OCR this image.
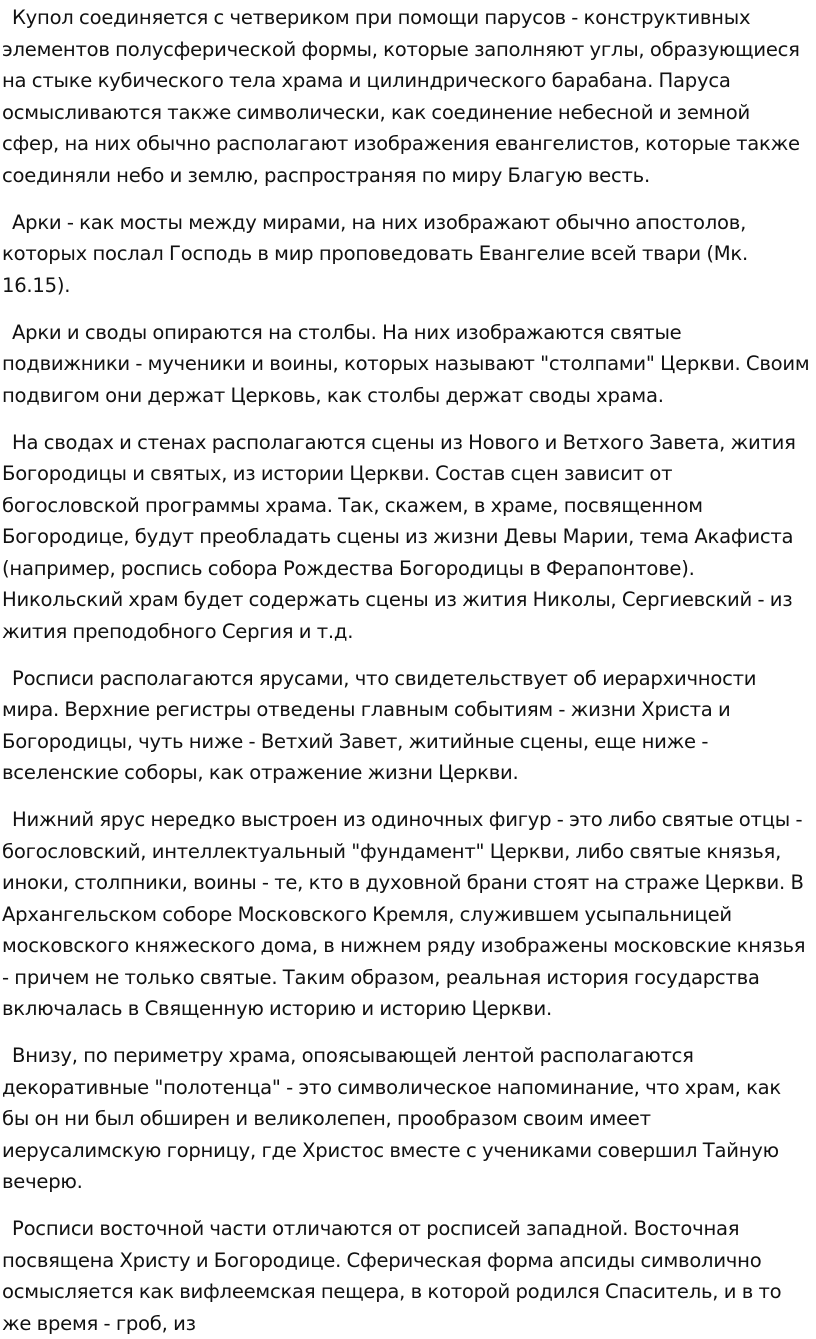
Купол соединяется с четвериком при помощи парусов - конструктивных элементов полусферической формы, которые заполняют углы, образующиеся на стыке кубического тела храма и цилиндрического барабана. Паруса осмысливаются также символически, как соединение небесной и земной сфер, на них обычно располагают изображения евангелистов, которые также соединяли небо и землю, распространяя по миру Благую весть.

Арки - как мосты между мирами, на них изображают обычно апостолов, которых послал Господь в мир проповедовать Евангелие всей твари (Мк. 16.15).

Арки и своды опираются на столбы. На них изображаются святые подвижники - мученики и воины, которых называют "столпами" Церкви. Своим подвигом они держат Церковь, как столбы держат своды храма.

На сводах и стенах располагаются сцены из Нового и Ветхого Завета, жития Богородицы и святых, из истории Церкви. Состав сцен зависит от богословской программы храма. Так, скажем, в храме, посвященном Богородице, будут преобладать сцены из жизни Девы Марии, тема Акафиста (например, роспись собора Рождества Богородицы в Ферапонтове). Никольский храм будет содержать сцены из жития Николы, Сергиевский - из жития преподобного Сергия и т.д.

Росписи располагаются ярусами, что свидетельствует об иерархичности мира. Верхние регистры отведены главным событиям - жизни Христа и Богородицы, чуть ниже - Ветхий Завет, житийные сцены, еще ниже - вселенские соборы, как отражение жизни Церкви.

Нижний ярус нередко выстроен из одиночных фигур - это либо святые отцы - богословский, интеллектуальный "фундамент" Церкви, либо святые князья, иноки, столпники, воины - те, кто в духовной брани стоят на страже Церкви. В Архангельском соборе Московского Кремля, служившем усыпальницей московского княжеского дома, в нижнем ряду изображены московские князья - причем не только святые. Таким образом, реальная история государства включалась в Священную историю и историю Церкви.

Внизу, по периметру храма, опоясывающей лентой располагаются декоративные "полотенца" - это символическое напоминание, что храм, как бы он ни был обширен и великолепен, прообразом своим имеет иерусалимскую горницу, где Христос вместе с учениками совершил Тайную вечерю.

Росписи восточной части отличаются от росписей западной. Восточная посвящена Христу и Богородице. Сферическая форма апсиды символично осмысляется как вифлеемская пещера, в которой родился Спаситель, и в то же время - гроб, из
